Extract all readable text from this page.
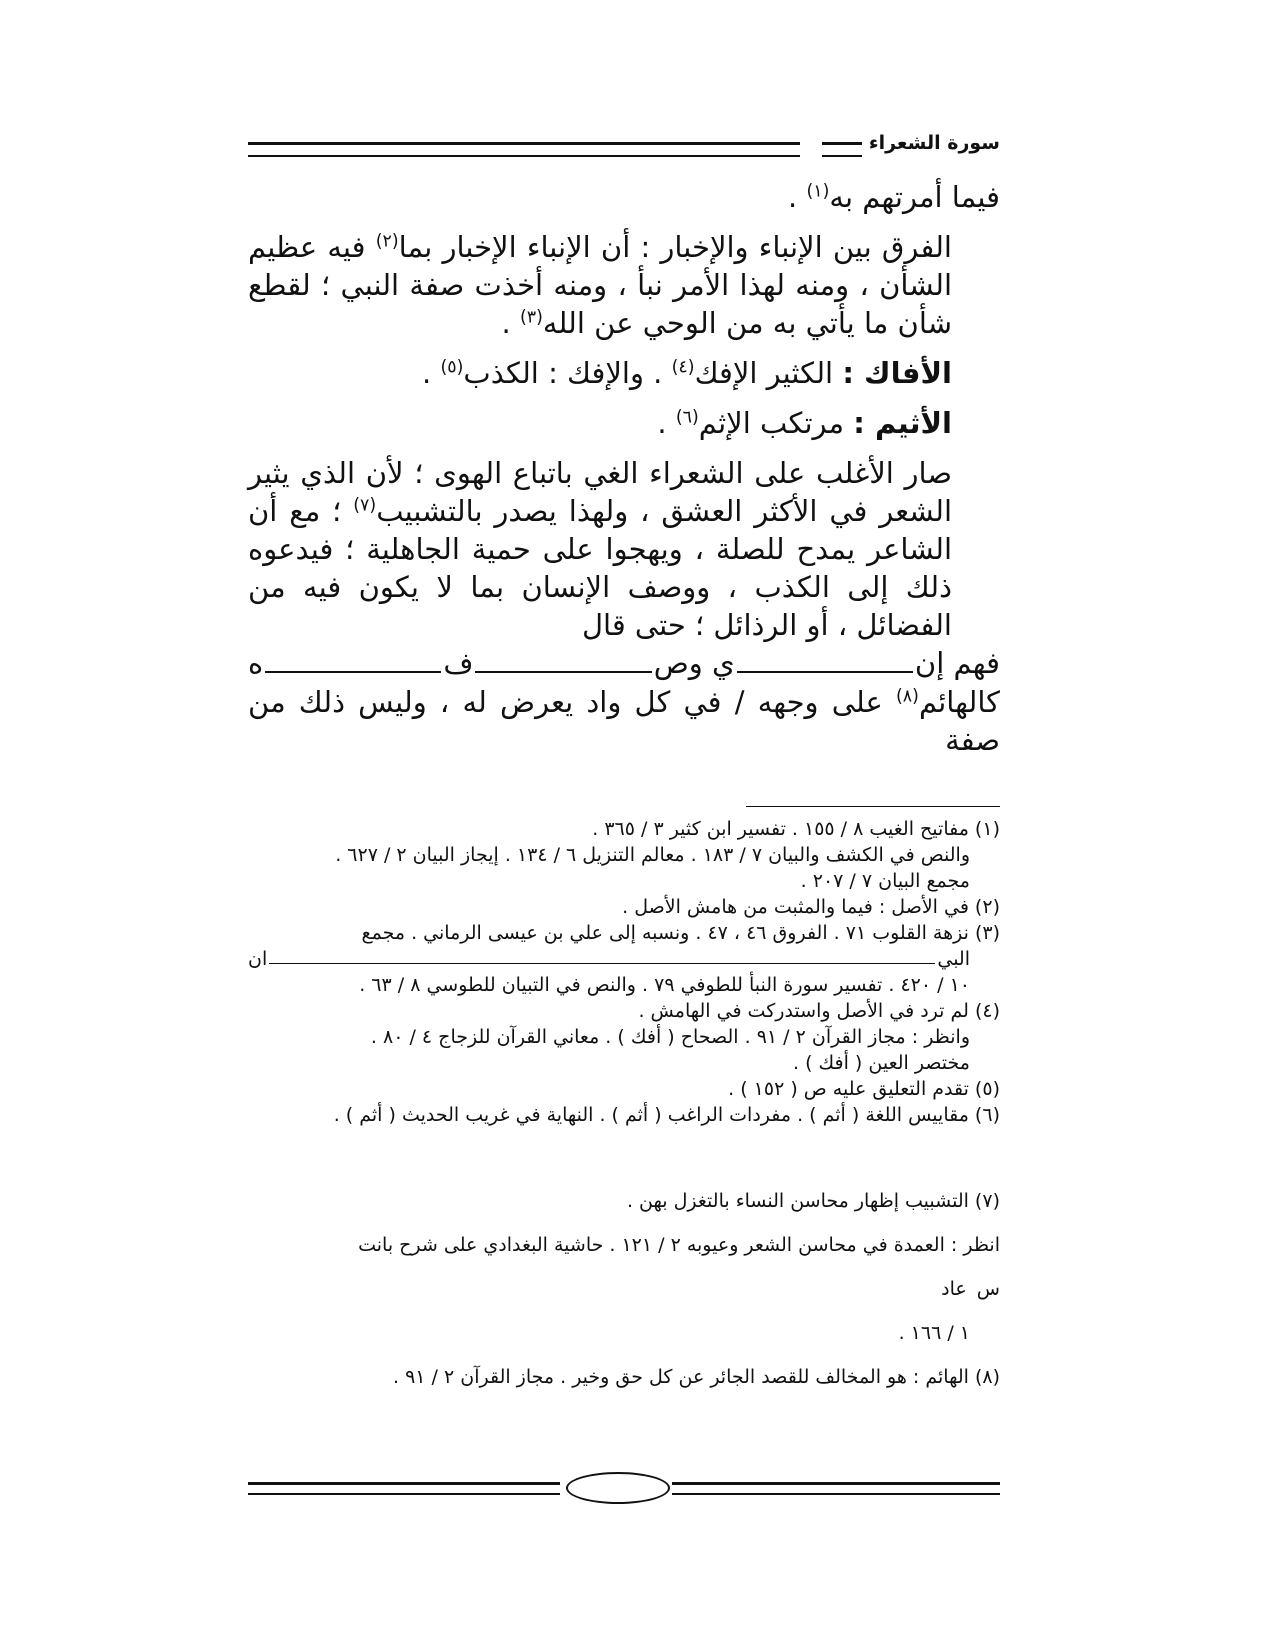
سورة الشعراء

فيما أمرتهم به$^{(١)}$ .

الفرق بين الإنباء والإخبار : أن الإنباء الإخبار بما$^{(٢)}$ فيه عظيم الشأن ، ومنه لهذا الأمر نبأ ، ومنه أخذت صفة النبي ؛ لقطع شأن ما يأتي به من الوحي عن الله$^{(٣)}$ .

الأفاك : الكثير الإفك$^{(٤)}$ . والإفك : الكذب$^{(٥)}$ .

الأثيم : مرتكب الإثم$^{(٦)}$ .

صار الأغلب على الشعراء الغي باتباع الهوى ؛ لأن الذي يثير الشعر في الأكثر العشق ، ولهذا يصدر بالتشبيب$^{(٧)}$ ؛ مع أن الشاعر يمدح للصلة ، ويهجوا على حمية الجاهلية ؛ فيدعوه ذلك إلى الكذب ، ووصف الإنسان بما لا يكون فيه من الفضائل ، أو الرذائل ؛ حتى قال

فهم إن
ي وص
ف
ه

كالهائم$^{(٨)}$ على وجهه / في كل واد يعرض له ، وليس ذلك من صفة

(١) مفاتيح الغيب ٨ / ١٥٥ . تفسير ابن كثير ٣ / ٣٦٥ .
والنص في الكشف والبيان ٧ / ١٨٣ . معالم التنزيل ٦ / ١٣٤ . إيجاز البيان ٢ / ٦٢٧ .
مجمع البيان ٧ / ٢٠٧ .
(٢) في الأصل : فيما والمثبت من هامش الأصل .
(٣) نزهة القلوب ٧١ . الفروق ٤٦ ، ٤٧ . ونسبه إلى علي بن عيسى الرماني . مجمع
البي
ان
١٠ / ٤٢٠ . تفسير سورة النبأ للطوفي ٧٩ . والنص في التبيان للطوسي ٨ / ٦٣ .
(٤) لم ترد في الأصل واستدركت في الهامش .
وانظر : مجاز القرآن ٢ / ٩١ . الصحاح ( أفك ) . معاني القرآن للزجاج ٤ / ٨٠ .
مختصر العين ( أفك ) .
(٥) تقدم التعليق عليه ص ( ١٥٢ ) .
(٦) مقاييس اللغة ( أثم ) . مفردات الراغب ( أثم ) . النهاية في غريب الحديث ( أثم ) .
(٧) التشبيب إظهار محاسن النساء بالتغزل بهن .
انظر : العمدة في محاسن الشعر وعيوبه ٢ / ١٢١ . حاشية البغدادي على شرح بانت
س عاد
١ / ١٦٦ .
(٨) الهائم : هو المخالف للقصد الجائر عن كل حق وخير . مجاز القرآن ٢ / ٩١ .
